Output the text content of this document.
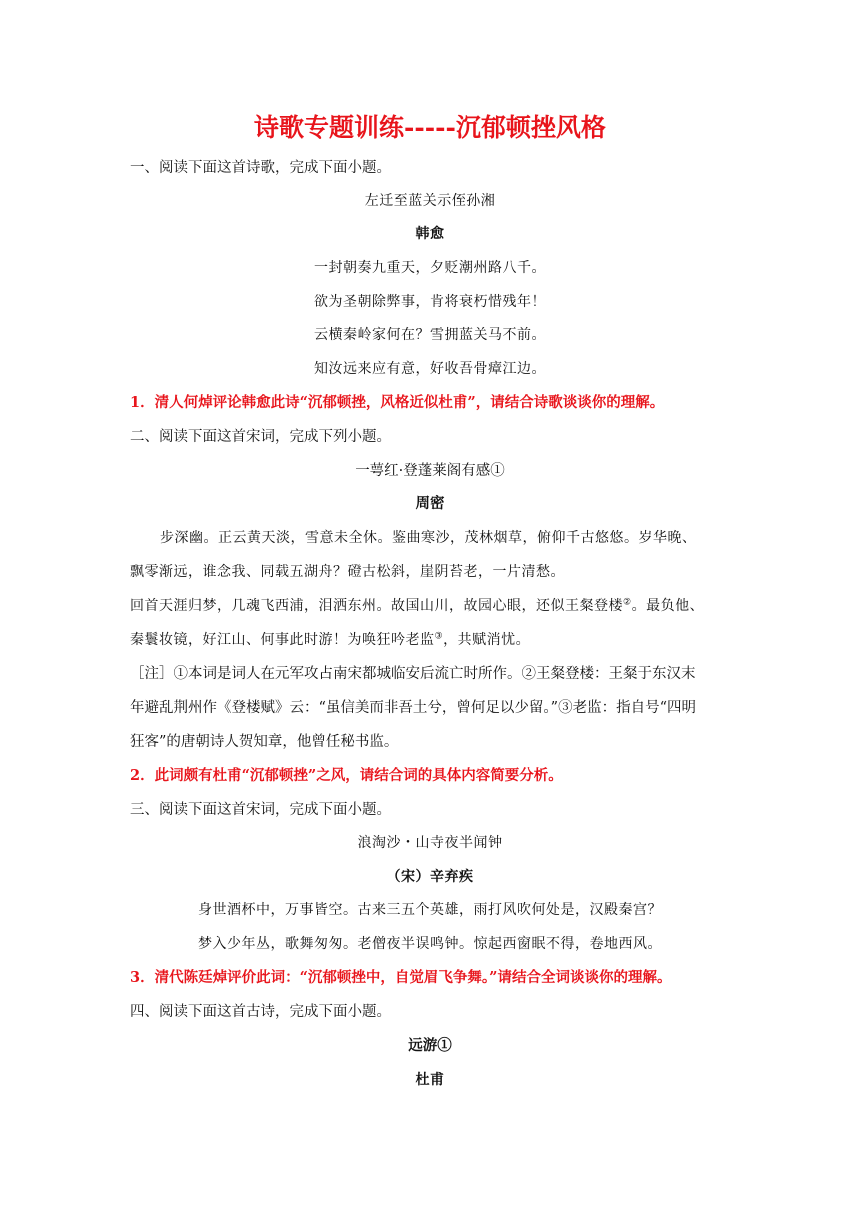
诗歌专题训练-----沉郁顿挫风格

一、阅读下面这首诗歌，完成下面小题。

左迁至蓝关示侄孙湘

韩愈

一封朝奏九重天，夕贬潮州路八千。

欲为圣朝除弊事，肯将衰朽惜残年！

云横秦岭家何在？雪拥蓝关马不前。

知汝远来应有意，好收吾骨瘴江边。

1．清人何焯评论韩愈此诗“沉郁顿挫，风格近似杜甫”，请结合诗歌谈谈你的理解。

二、阅读下面这首宋词，完成下列小题。

一萼红·登蓬莱阁有感①

周密

步深幽。正云黄天淡，雪意未全休。鉴曲寒沙，茂林烟草，俯仰千古悠悠。岁华晚、

飘零渐远，谁念我、同载五湖舟？磴古松斜，崖阴苔老，一片清愁。

回首天涯归梦，几魂飞西浦，泪洒东州。故国山川，故园心眼，还似王粲登楼②。最负他、

秦鬟妆镜，好江山、何事此时游！为唤狂吟老监③，共赋消忧。

［注］①本词是词人在元军攻占南宋都城临安后流亡时所作。②王粲登楼：王粲于东汉末

年避乱荆州作《登楼赋》云：“虽信美而非吾土兮，曾何足以少留。”③老监：指自号“四明

狂客”的唐朝诗人贺知章，他曾任秘书监。

2．此词颇有杜甫“沉郁顿挫”之风，请结合词的具体内容简要分析。

三、阅读下面这首宋词，完成下面小题。

浪淘沙・山寺夜半闻钟

（宋）辛弃疾

身世酒杯中，万事皆空。古来三五个英雄，雨打风吹何处是，汉殿秦宫？

梦入少年丛，歌舞匆匆。老僧夜半误鸣钟。惊起西窗眠不得，卷地西风。

3．清代陈廷焯评价此词：“沉郁顿挫中，自觉眉飞争舞。”请结合全词谈谈你的理解。

四、阅读下面这首古诗，完成下面小题。

远游①

杜甫
